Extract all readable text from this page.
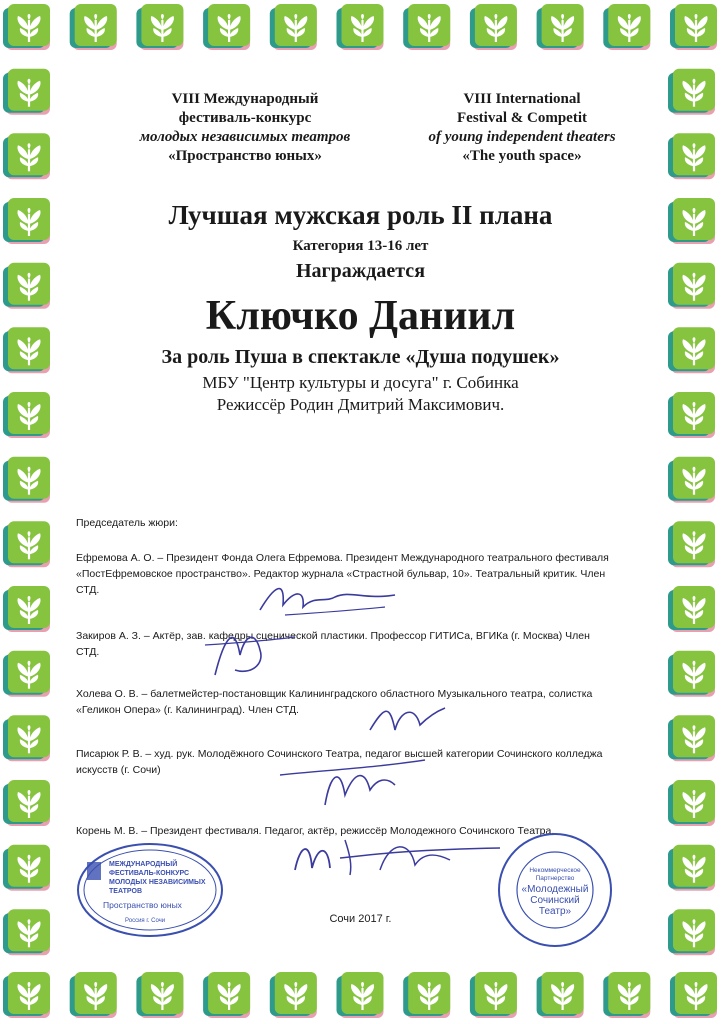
VIII Международный
фестиваль-конкурс
молодых независимых театров
«Пространство юных»
VIII International
Festival & Competit
of young independent theaters
«The youth space»
Лучшая мужская роль II плана
Категория 13-16 лет
Награждается
Ключко Даниил
За роль Пуша в спектакле «Душа подушек»
МБУ "Центр культуры и досуга" г. Собинка
Режиссёр Родин Дмитрий Максимович.

Председатель жюри:

Ефремова А. О. – Президент Фонда Олега Ефремова. Президент Международного театрального фестиваля «ПостЕфремовское пространство». Редактор журнала «Страстной бульвар, 10». Театральный критик. Член СТД.

Закиров А. З. – Актёр, зав. кафедры сценической пластики. Профессор ГИТИСа, ВГИКа (г. Москва) Член СТД.

Холева О. В. – балетмейстер-постановщик Калининградского областного Музыкального театра, солистка «Геликон Опера» (г. Калининград). Член СТД.

Писарюк Р. В. – худ. рук. Молодёжного Сочинского Театра, педагог высшей категории Сочинского колледжа искусств (г. Сочи)

Корень М. В. – Президент фестиваля. Педагог, актёр, режиссёр Молодежного Сочинского Театра.

МЕЖДУНАРОДНЫЙ
ФЕСТИВАЛЬ-КОНКУРС
МОЛОДЫХ НЕЗАВИСИМЫХ
ТЕАТРОВ
Пространство юных
Россия г. Сочи
Некоммерческое
Партнерство
«Молодежный
Сочинский
Театр»
Сочи 2017 г.
